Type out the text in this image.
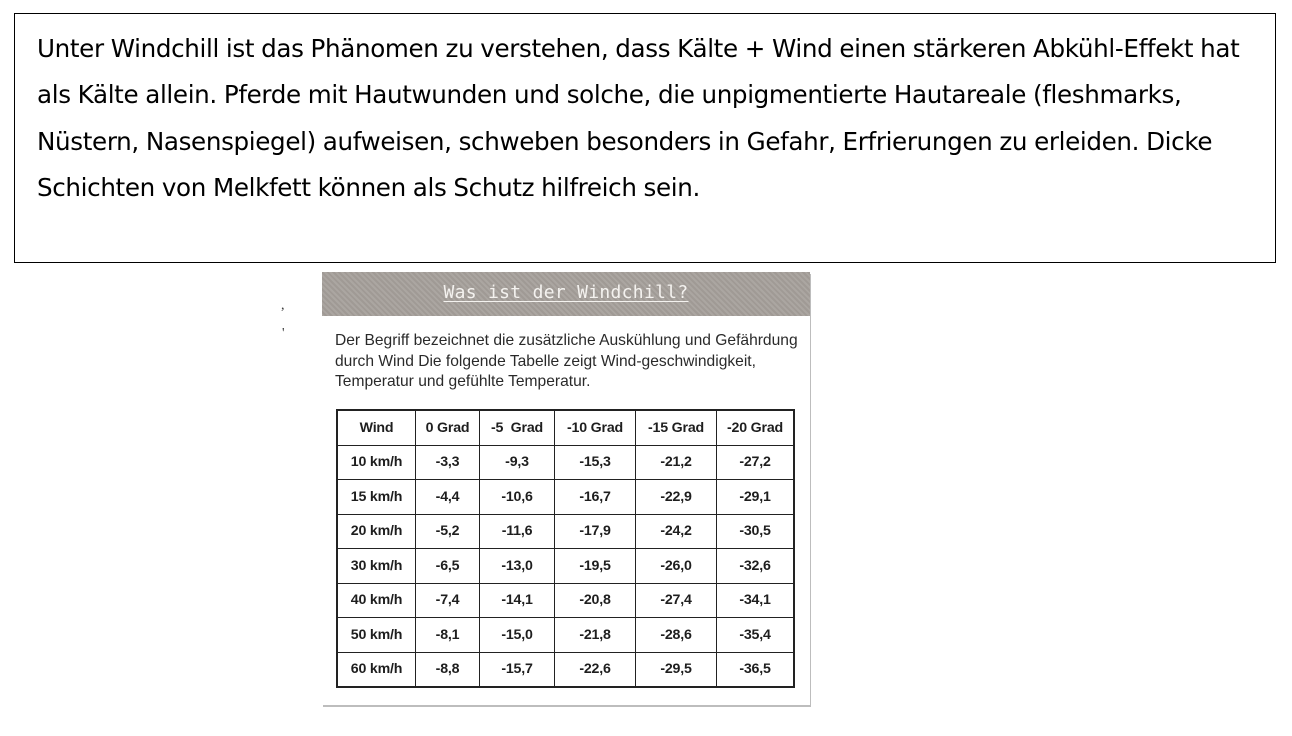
Unter Windchill ist das Phänomen zu verstehen, dass Kälte + Wind einen stärkeren Abkühl-Effekt hat als Kälte allein. Pferde mit Hautwunden und solche, die unpigmentierte Hautareale (fleshmarks, Nüstern, Nasenspiegel) aufweisen, schweben besonders in Gefahr, Erfrierungen zu erleiden. Dicke Schichten von Melkfett können als Schutz hilfreich sein.

,
'
Was ist der Windchill?

Der Begriff bezeichnet die zusätzliche Auskühlung und Gefährdung durch Wind Die folgende Tabelle zeigt Wind-geschwindigkeit, Temperatur und gefühlte Temperatur.

Wind	0 Grad	-5  Grad	-10 Grad	-15 Grad	-20 Grad
10 km/h	-3,3	-9,3	-15,3	-21,2	-27,2
15 km/h	-4,4	-10,6	-16,7	-22,9	-29,1
20 km/h	-5,2	-11,6	-17,9	-24,2	-30,5
30 km/h	-6,5	-13,0	-19,5	-26,0	-32,6
40 km/h	-7,4	-14,1	-20,8	-27,4	-34,1
50 km/h	-8,1	-15,0	-21,8	-28,6	-35,4
60 km/h	-8,8	-15,7	-22,6	-29,5	-36,5
